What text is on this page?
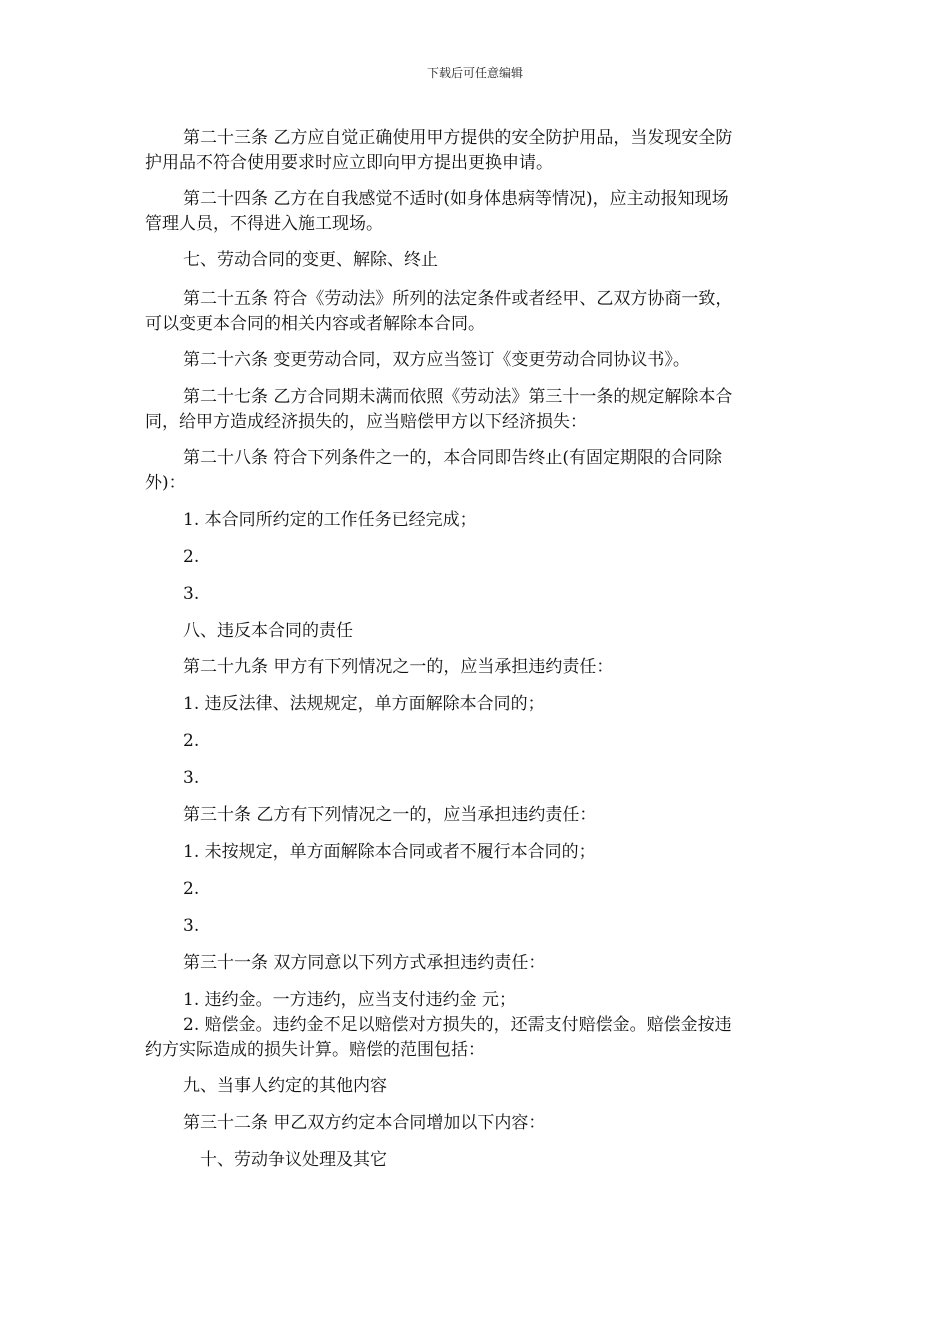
下载后可任意编辑
第二十三条 乙方应自觉正确使用甲方提供的安全防护用品，当发现安全防
护用品不符合使用要求时应立即向甲方提出更换申请。
第二十四条 乙方在自我感觉不适时(如身体患病等情况)，应主动报知现场
管理人员，不得进入施工现场。
七、劳动合同的变更、解除、终止
第二十五条 符合《劳动法》所列的法定条件或者经甲、乙双方协商一致，
可以变更本合同的相关内容或者解除本合同。
第二十六条 变更劳动合同，双方应当签订《变更劳动合同协议书》。
第二十七条 乙方合同期未满而依照《劳动法》第三十一条的规定解除本合
同，给甲方造成经济损失的，应当赔偿甲方以下经济损失：
第二十八条 符合下列条件之一的，本合同即告终止(有固定期限的合同除
外)：
1. 本合同所约定的工作任务已经完成；
2.
3.
八、违反本合同的责任
第二十九条 甲方有下列情况之一的，应当承担违约责任：
1. 违反法律、法规规定，单方面解除本合同的；
2.
3.
第三十条 乙方有下列情况之一的，应当承担违约责任：
1. 未按规定，单方面解除本合同或者不履行本合同的；
2.
3.
第三十一条 双方同意以下列方式承担违约责任：
1. 违约金。一方违约，应当支付违约金 元；
2. 赔偿金。违约金不足以赔偿对方损失的，还需支付赔偿金。赔偿金按违
约方实际造成的损失计算。赔偿的范围包括：
九、当事人约定的其他内容
第三十二条 甲乙双方约定本合同增加以下内容：
十、劳动争议处理及其它
